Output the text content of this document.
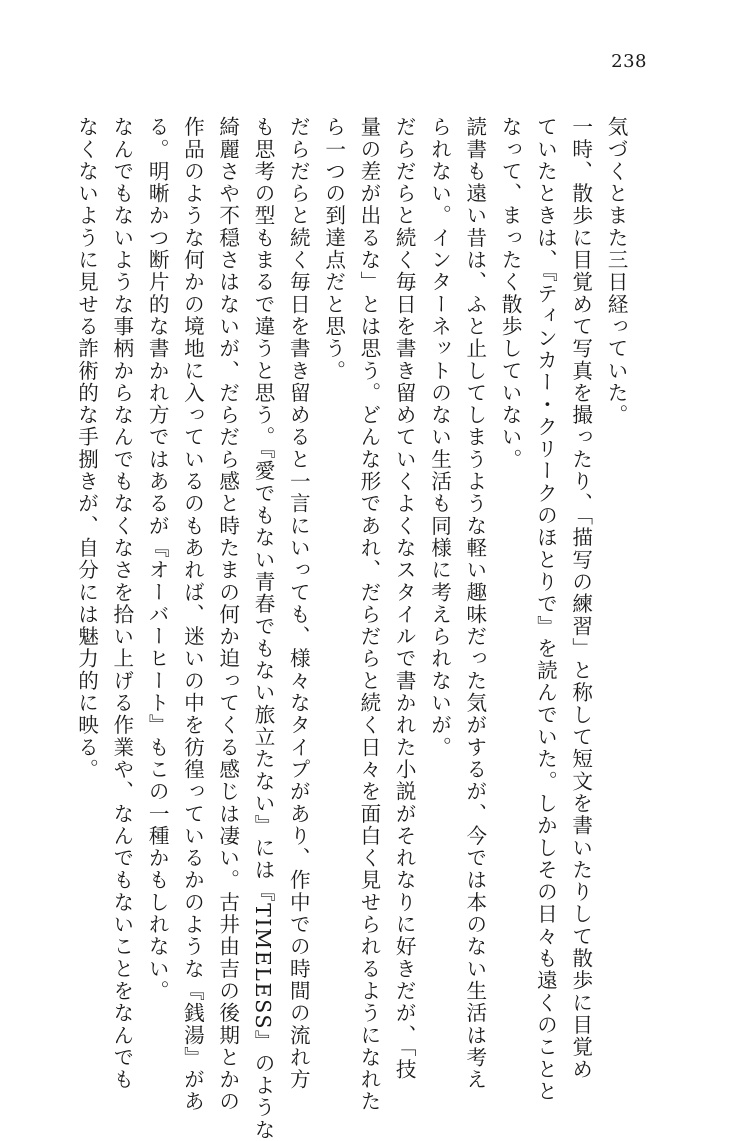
238
気づくとまた三日経っていた。
一時、散歩に目覚めて写真を撮ったり、「描写の練習」と称して短文を書いたりして散歩に目覚め
ていたときは、『ティンカー・クリークのほとりで』を読んでいた。しかしその日々も遠くのことと
なって、まったく散歩していない。
読書も遠い昔は、ふと止してしまうような軽い趣味だった気がするが、今では本のない生活は考え
られない。インターネットのない生活も同様に考えられないが。
だらだらと続く毎日を書き留めていくよくなスタイルで書かれた小説がそれなりに好きだが、「技
量の差が出るな」とは思う。どんな形であれ、だらだらと続く日々を面白く見せられるようになれた
ら一つの到達点だと思う。
だらだらと続く毎日を書き留めると一言にいっても、様々なタイプがあり、作中での時間の流れ方
も思考の型もまるで違うと思う。『愛でもない青春でもない旅立たない』には『TIMELESS』のような
綺麗さや不穏さはないが、だらだら感と時たまの何か迫ってくる感じは凄い。古井由吉の後期とかの
作品のような何かの境地に入っているのもあれば、迷いの中を彷徨っているかのような『銭湯』があ
る。明晰かつ断片的な書かれ方ではあるが『オーバーヒート』もこの一種かもしれない。
なんでもないような事柄からなんでもなくなさを拾い上げる作業や、なんでもないことをなんでも
なくないように見せる詐術的な手捌きが、自分には魅力的に映る。
